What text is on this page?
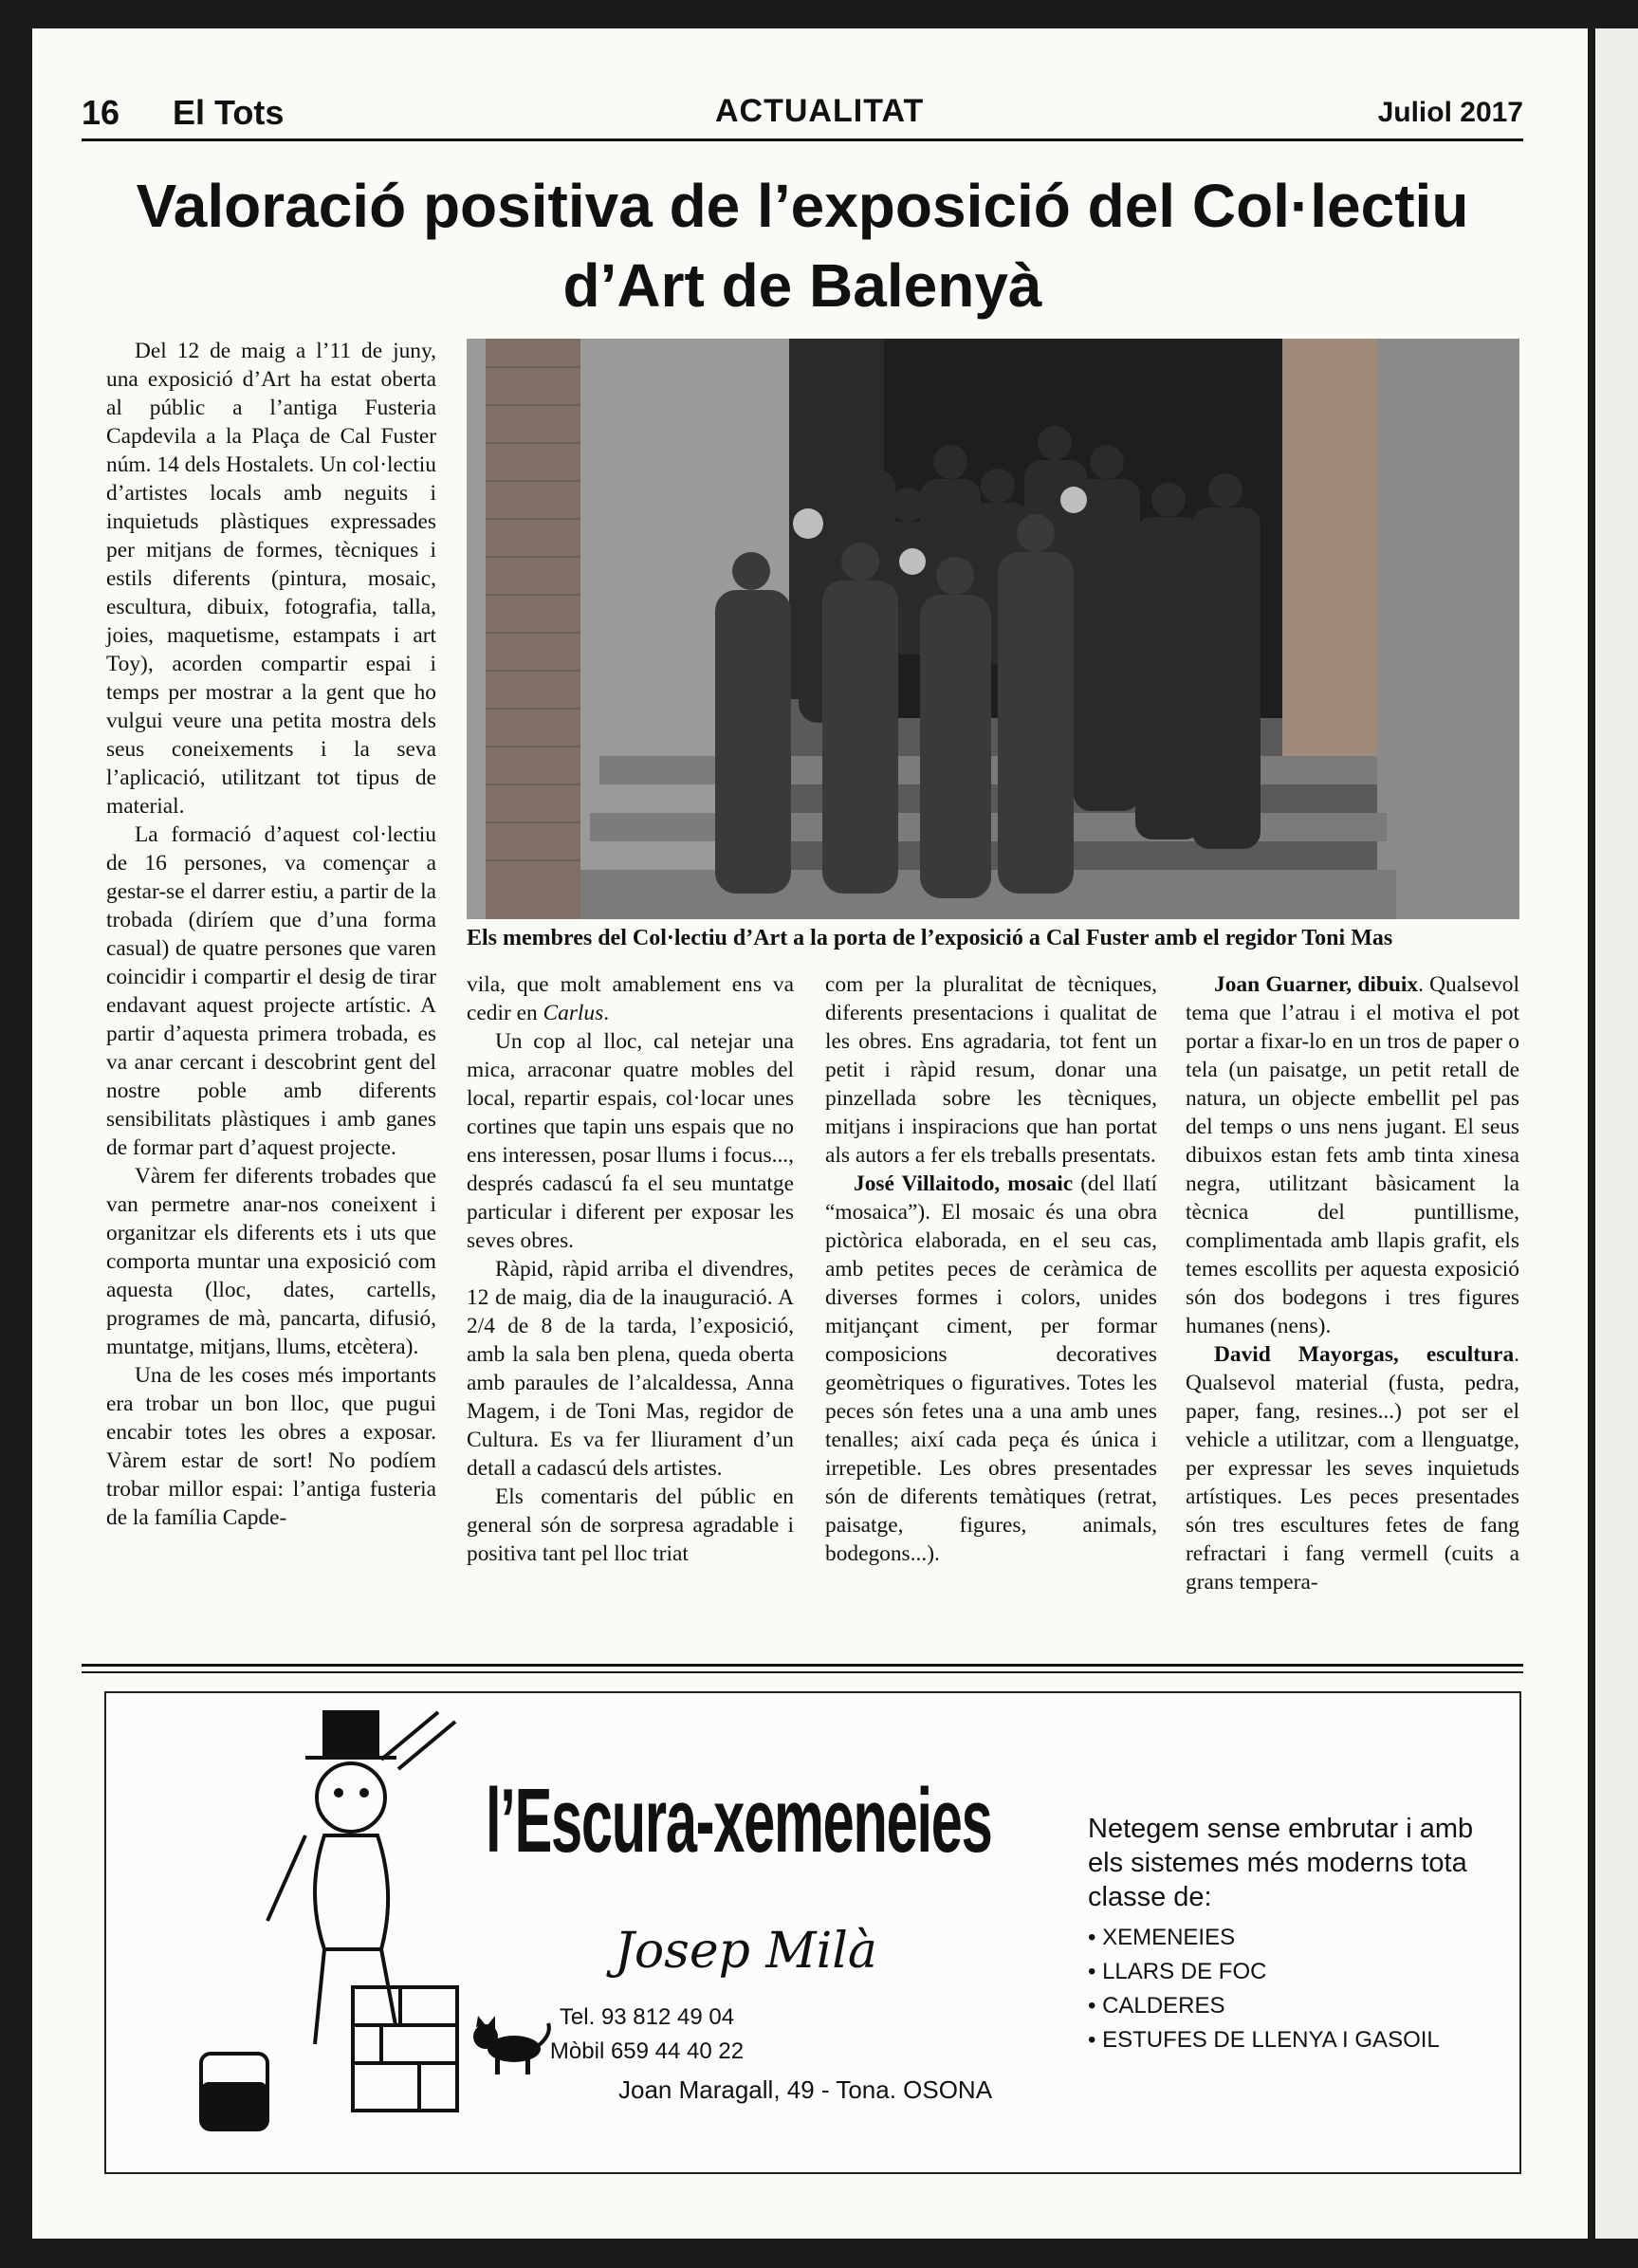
16 El Tots	ACTUALITAT	Juliol 2017
Valoració positiva de l’exposició del Col·lectiu
d’Art de Balenyà

Del 12 de maig a l’11 de juny, una exposició d’Art ha estat oberta al públic a l’antiga Fusteria Capdevila a la Plaça de Cal Fuster núm. 14 dels Hostalets. Un col·lectiu d’artistes locals amb neguits i inquietuds plàstiques expressades per mitjans de formes, tècniques i estils diferents (pintura, mosaic, escultura, dibuix, fotografia, talla, joies, maquetisme, estampats i art Toy), acorden compartir espai i temps per mostrar a la gent que ho vulgui veure una petita mostra dels seus coneixements i la seva l’aplicació, utilitzant tot tipus de material.

La formació d’aquest col·lectiu de 16 persones, va començar a gestar-se el darrer estiu, a partir de la trobada (diríem que d’una forma casual) de quatre persones que varen coincidir i compartir el desig de tirar endavant aquest projecte artístic. A partir d’aquesta primera trobada, es va anar cercant i descobrint gent del nostre poble amb diferents sensibilitats plàstiques i amb ganes de formar part d’aquest projecte.

Vàrem fer diferents trobades que van permetre anar-nos coneixent i organitzar els diferents ets i uts que comporta muntar una exposició com aquesta (lloc, dates, cartells, programes de mà, pancarta, difusió, muntatge, mitjans, llums, etcètera).

Una de les coses més importants era trobar un bon lloc, que pugui encabir totes les obres a exposar. Vàrem estar de sort! No podíem trobar millor espai: l’antiga fusteria de la família Capde-

Els membres del Col·lectiu d’Art a la porta de l’exposició a Cal Fuster amb el regidor Toni Mas

vila, que molt amablement ens va cedir en Carlus.

Un cop al lloc, cal netejar una mica, arraconar quatre mobles del local, repartir espais, col·locar unes cortines que tapin uns espais que no ens interessen, posar llums i focus..., després cadascú fa el seu muntatge particular i diferent per exposar les seves obres.

Ràpid, ràpid arriba el divendres, 12 de maig, dia de la inauguració. A 2/4 de 8 de la tarda, l’exposició, amb la sala ben plena, queda oberta amb paraules de l’alcaldessa, Anna Magem, i de Toni Mas, regidor de Cultura. Es va fer lliurament d’un detall a cadascú dels artistes.

Els comentaris del públic en general són de sorpresa agradable i positiva tant pel lloc triat

com per la pluralitat de tècniques, diferents presentacions i qualitat de les obres. Ens agradaria, tot fent un petit i ràpid resum, donar una pinzellada sobre les tècniques, mitjans i inspiracions que han portat als autors a fer els treballs presentats.

José Villaitodo, mosaic (del llatí “mosaica”). El mosaic és una obra pictòrica elaborada, en el seu cas, amb petites peces de ceràmica de diverses formes i colors, unides mitjançant ciment, per formar composicions decoratives geomètriques o figuratives. Totes les peces són fetes una a una amb unes tenalles; així cada peça és única i irrepetible. Les obres presentades són de diferents temàtiques (retrat, paisatge, figures, animals, bodegons...).

Joan Guarner, dibuix. Qualsevol tema que l’atrau i el motiva el pot portar a fixar-lo en un tros de paper o tela (un paisatge, un petit retall de natura, un objecte embellit pel pas del temps o uns nens jugant. El seus dibuixos estan fets amb tinta xinesa negra, utilitzant bàsicament la tècnica del puntillisme, complimentada amb llapis grafit, els temes escollits per aquesta exposició són dos bodegons i tres figures humanes (nens).

David Mayorgas, escultura. Qualsevol material (fusta, pedra, paper, fang, resines...) pot ser el vehicle a utilitzar, com a llenguatge, per expressar les seves inquietuds artístiques. Les peces presentades són tres escultures fetes de fang refractari i fang vermell (cuits a grans tempera-

l’Escura-xemeneies
Josep Milà
Tel. 93 812 49 04
Mòbil 659 44 40 22
Joan Maragall, 49 - Tona. OSONA

Netegem sense embrutar i amb els sistemes més moderns tota classe de:

• XEMENEIES
• LLARS DE FOC
• CALDERES
• ESTUFES DE LLENYA I GASOIL
